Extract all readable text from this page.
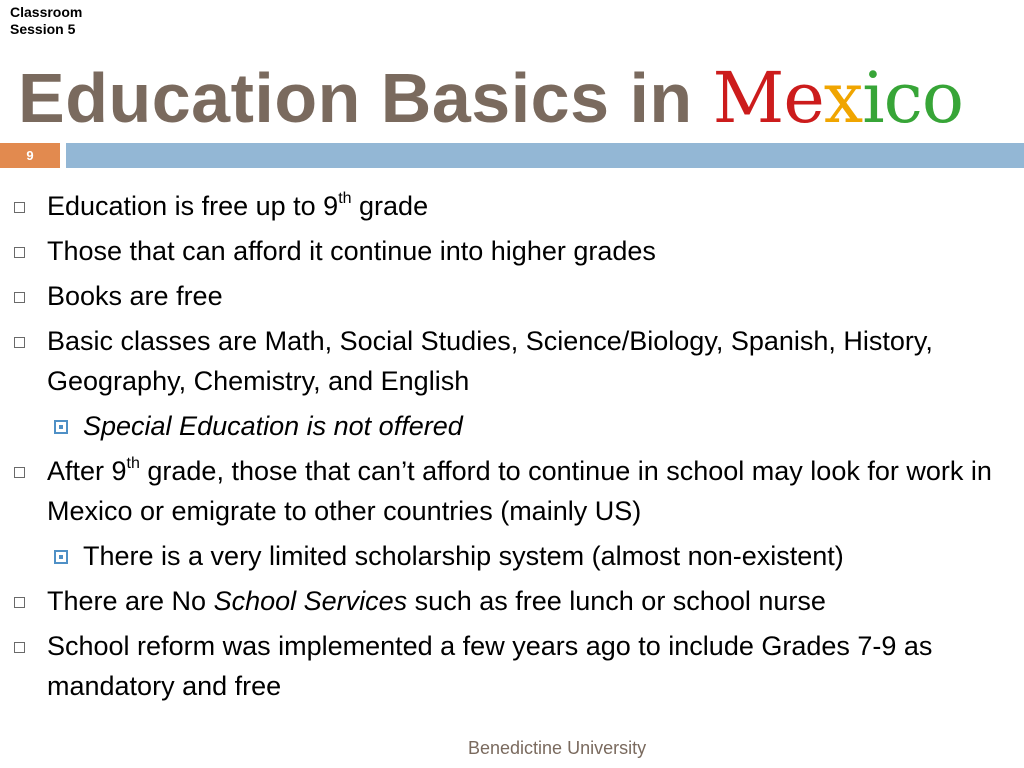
Classroom
Session 5
Education Basics in Mexico
9
Education is free up to 9th grade
Those that can afford it continue into higher grades
Books are free
Basic classes are Math, Social Studies, Science/Biology, Spanish, History, Geography, Chemistry, and English
Special Education is not offered
After 9th grade, those that can’t afford to continue in school may look for work in Mexico or emigrate to other countries (mainly US)
There is a very limited scholarship system (almost non-existent)
There are No School Services such as free lunch or school nurse
School reform was implemented a few years ago to include Grades 7-9 as mandatory and free
Benedictine University
